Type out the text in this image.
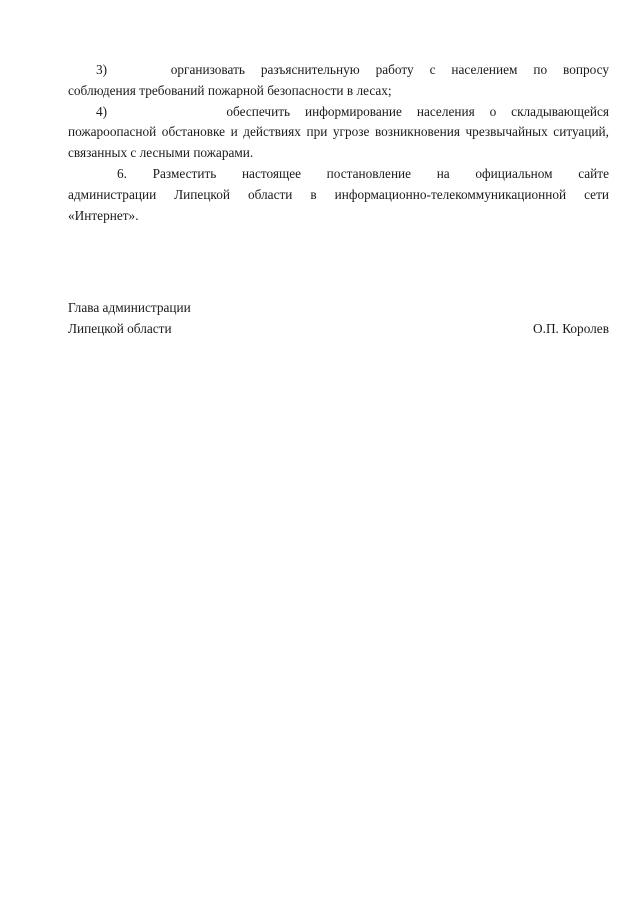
3)	организовать разъяснительную работу с населением по вопросу
соблюдения требований пожарной безопасности в лесах;

4)	обеспечить информирование населения о складывающейся
пожароопасной обстановке и действиях при угрозе возникновения чрезвычайных ситуаций, связанных с лесными пожарами.

6. Разместить настоящее постановление на официальном сайте
администрации Липецкой области в информационно-телекоммуникационной сети «Интернет».

Глава администрации
Липецкой области	О.П. Королев
